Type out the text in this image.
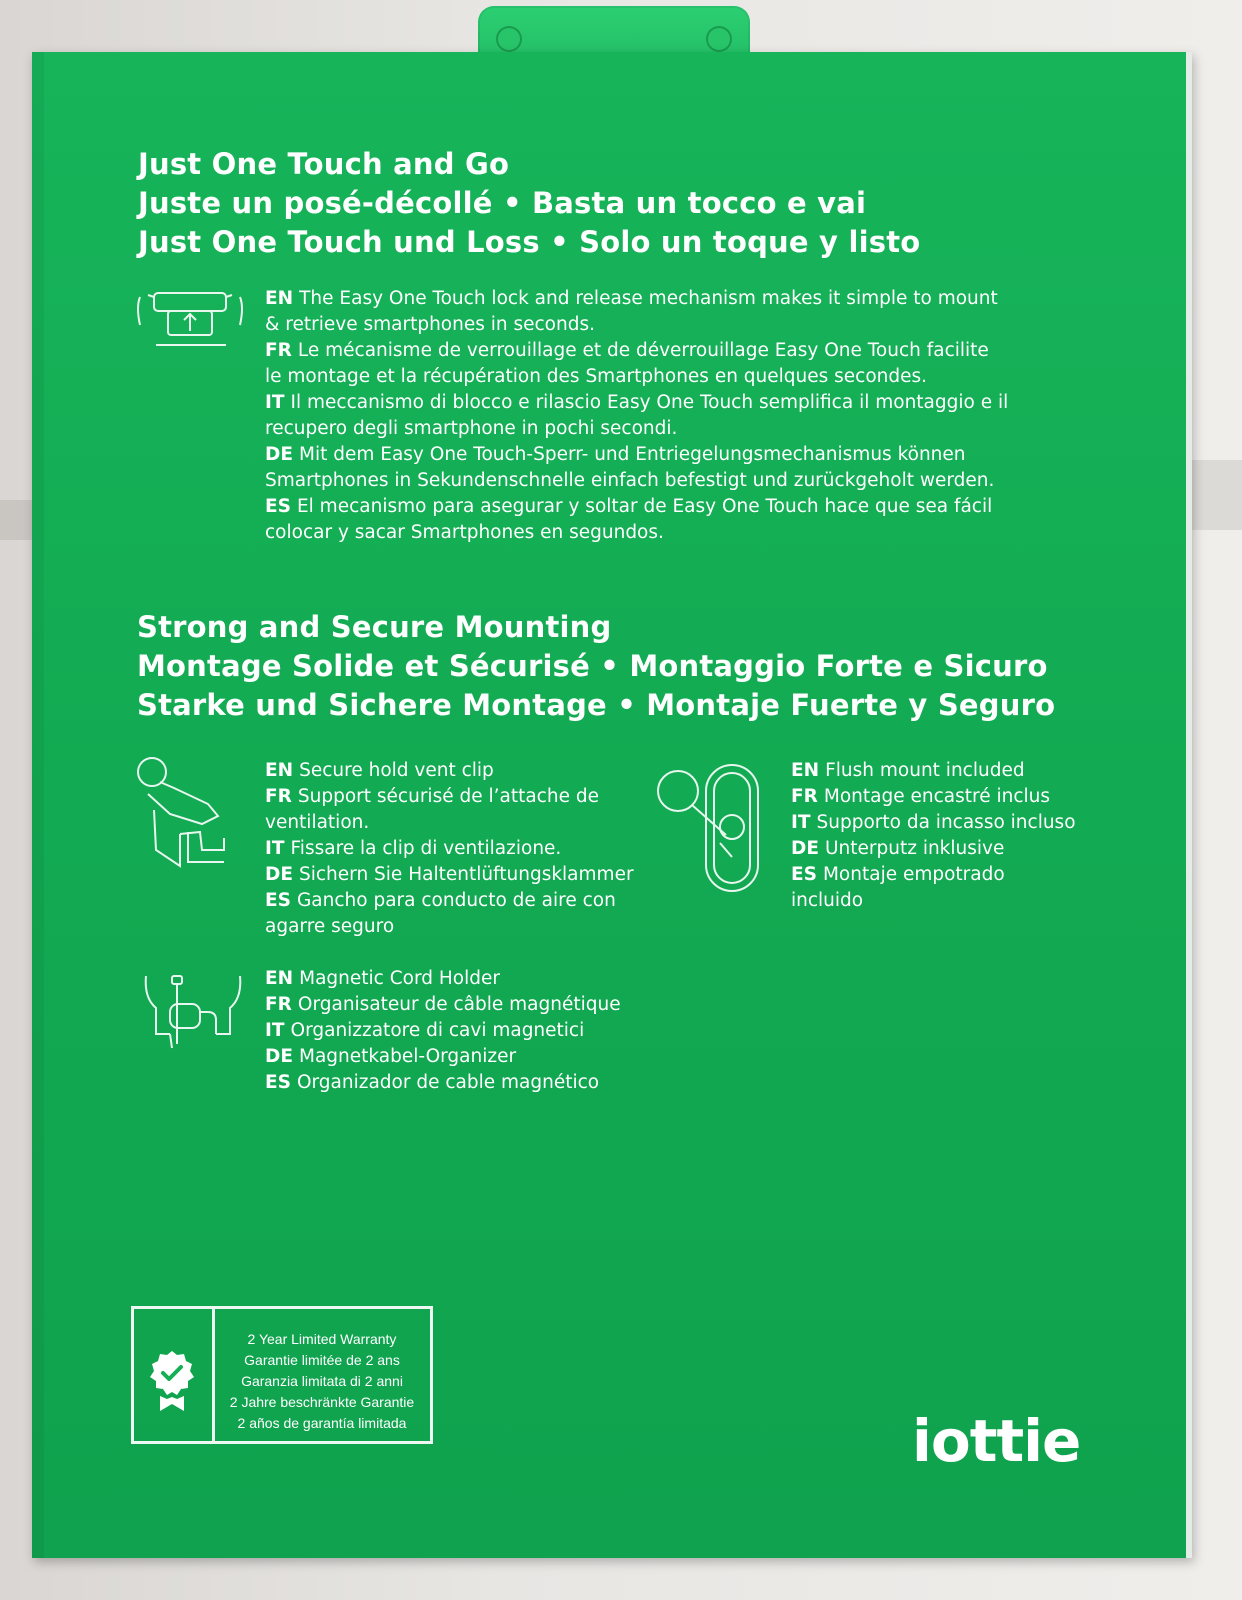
Just One Touch and Go
Juste un posé-décollé • Basta un tocco e vai
Just One Touch und Loss • Solo un toque y listo
EN The Easy One Touch lock and release mechanism makes it simple to mount
& retrieve smartphones in seconds.
FR Le mécanisme de verrouillage et de déverrouillage Easy One Touch facilite
le montage et la récupération des Smartphones en quelques secondes.
IT Il meccanismo di blocco e rilascio Easy One Touch semplifica il montaggio e il
recupero degli smartphone in pochi secondi.
DE Mit dem Easy One Touch-Sperr- und Entriegelungsmechanismus können
Smartphones in Sekundenschnelle einfach befestigt und zurückgeholt werden.
ES El mecanismo para asegurar y soltar de Easy One Touch hace que sea fácil
colocar y sacar Smartphones en segundos.
Strong and Secure Mounting
Montage Solide et Sécurisé • Montaggio Forte e Sicuro
Starke und Sichere Montage • Montaje Fuerte y Seguro
EN Secure hold vent clip
FR Support sécurisé de l’attache de
ventilation.
IT Fissare la clip di ventilazione.
DE Sichern Sie Haltentlüftungsklammer
ES Gancho para conducto de aire con
agarre seguro
EN Flush mount included
FR Montage encastré inclus
IT Supporto da incasso incluso
DE Unterputz inklusive
ES Montaje empotrado
incluido
EN Magnetic Cord Holder
FR Organisateur de câble magnétique
IT Organizzatore di cavi magnetici
DE Magnetkabel-Organizer
ES Organizador de cable magnético
2 Year Limited Warranty
Garantie limitée de 2 ans
Garanzia limitata di 2 anni
2 Jahre beschränkte Garantie
2 años de garantía limitada	iottie
